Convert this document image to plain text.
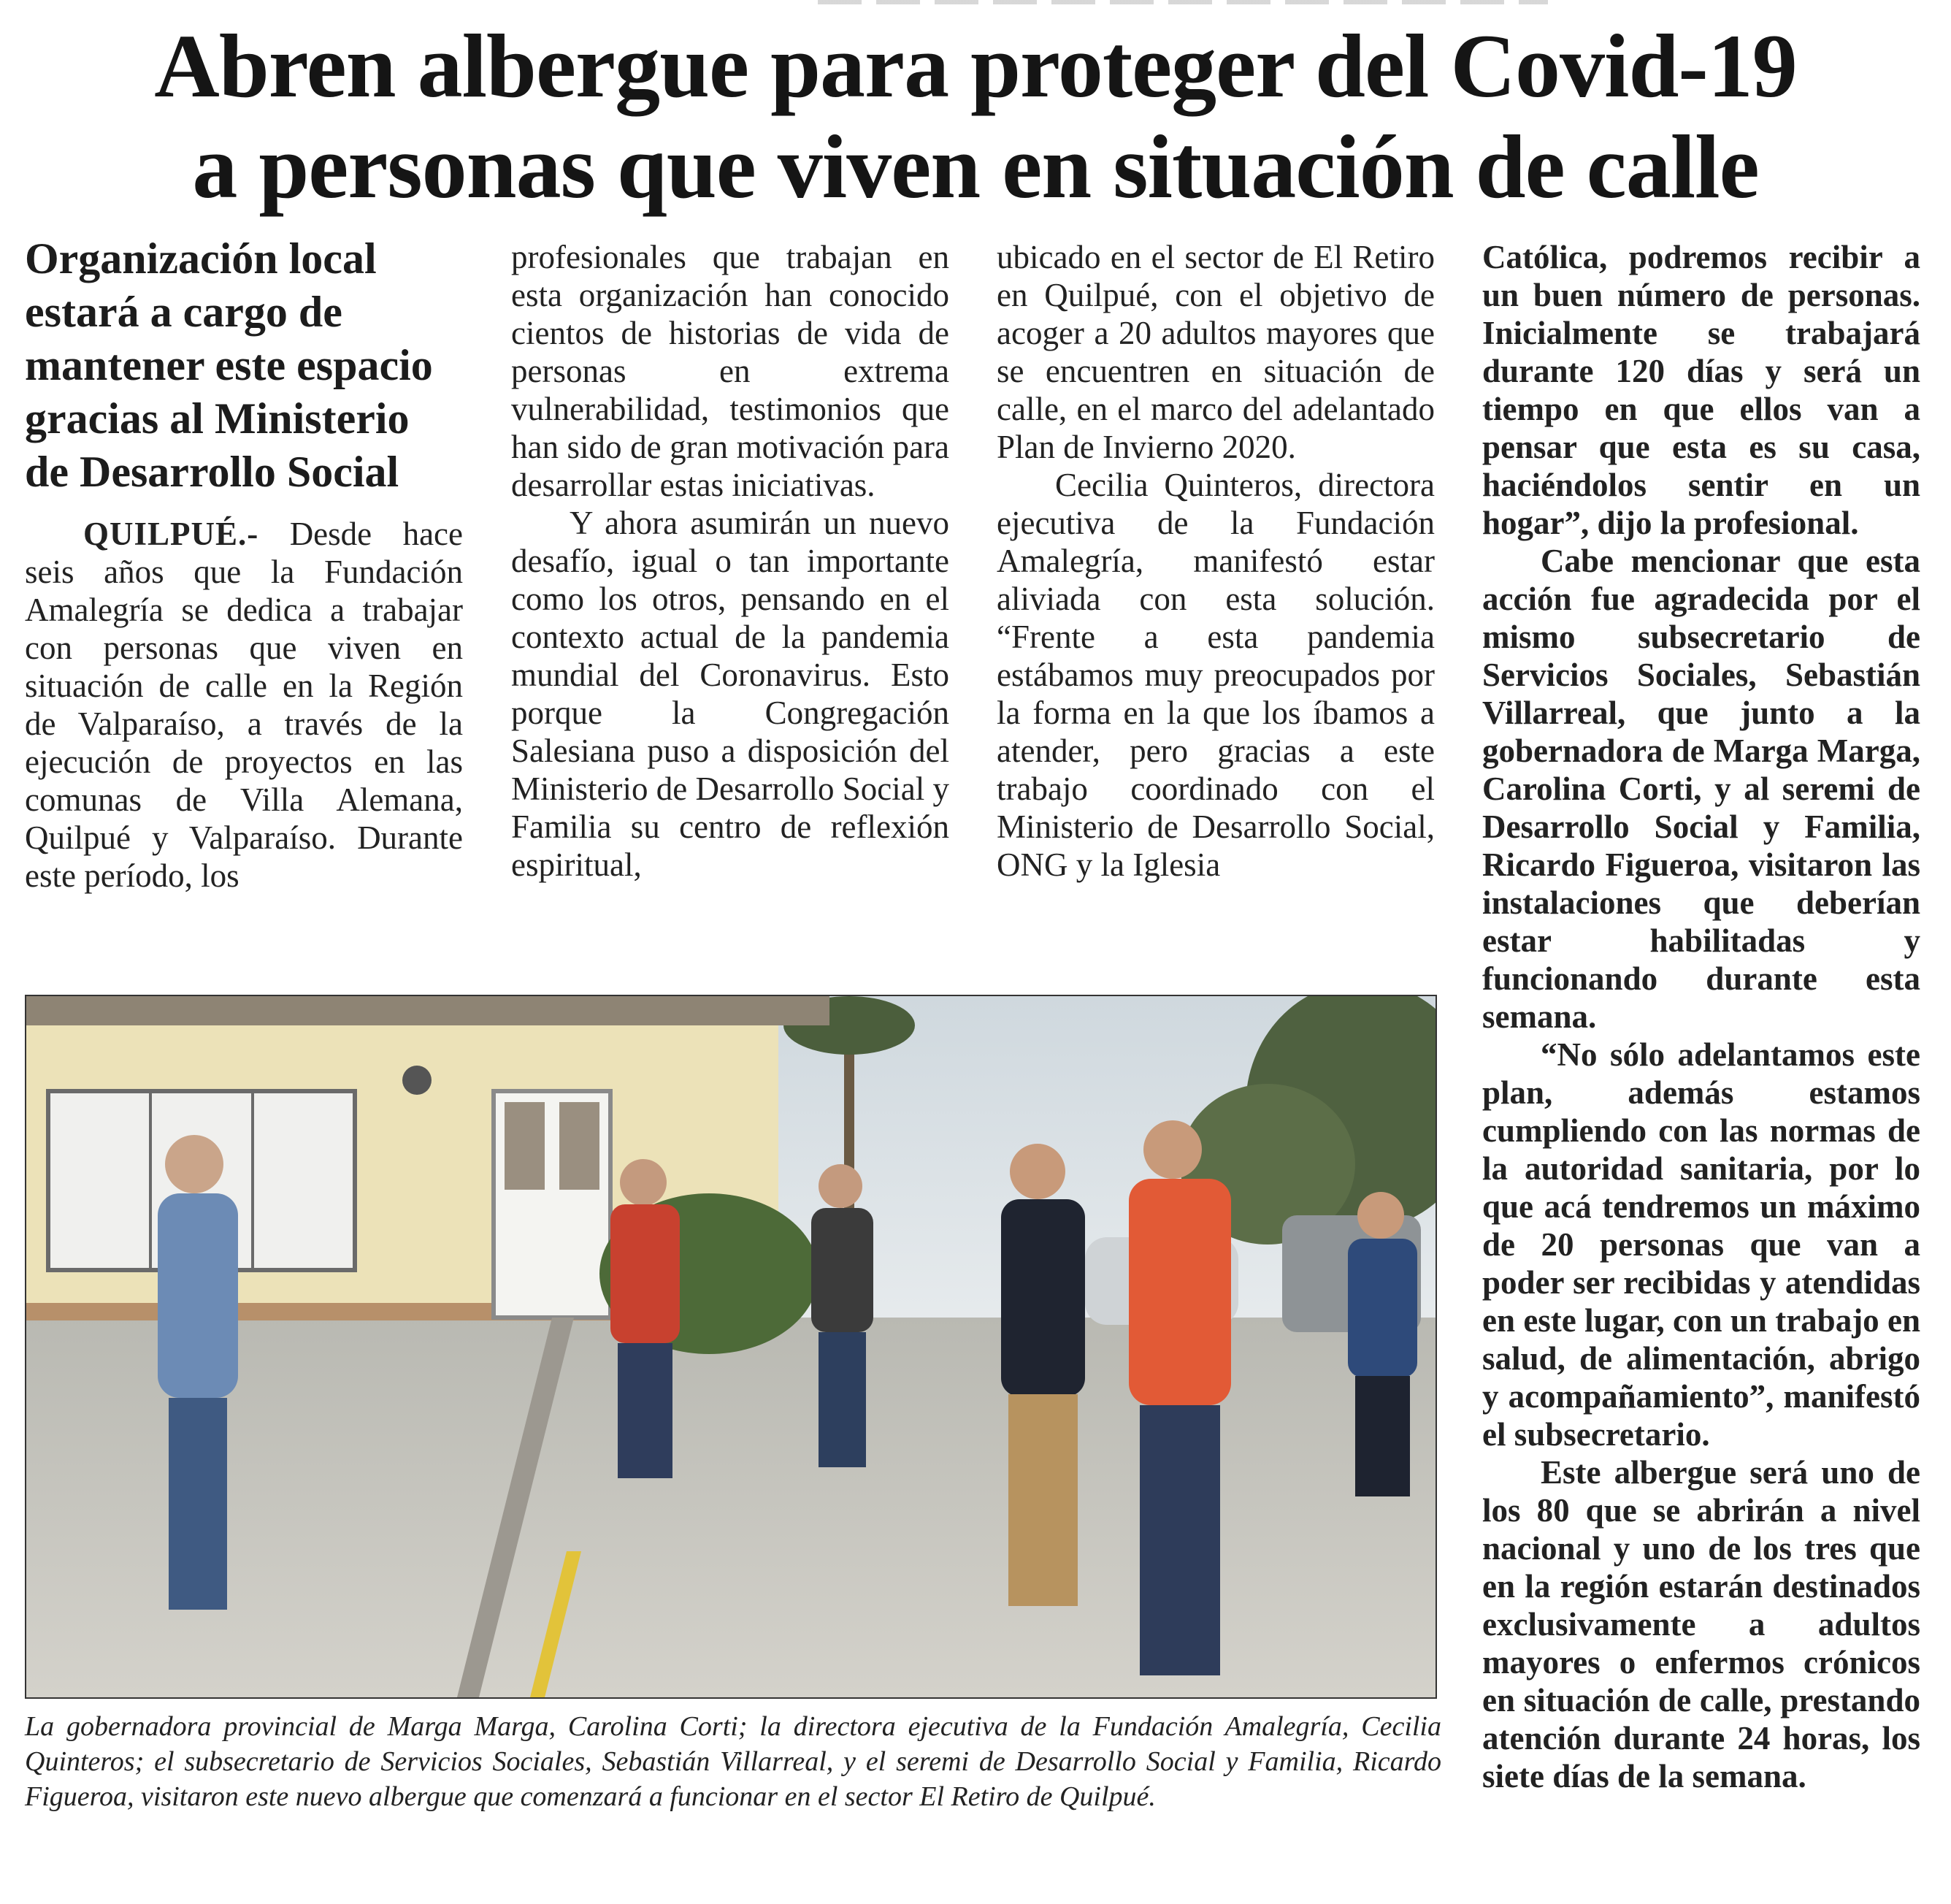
Abren albergue para proteger del Covid-19
a personas que viven en situación de calle
Organización local estará a cargo de mantener este espacio gracias al Ministerio de Desarrollo Social

QUILPUÉ.- Desde hace seis años que la Fundación Amalegría se dedica a trabajar con personas que viven en situación de calle en la Región de Valparaíso, a través de la ejecución de proyectos en las comunas de Villa Alemana, Quilpué y Valparaíso. Durante este período, los

profesionales que trabajan en esta organización han conocido cientos de historias de vida de personas en extrema vulnerabilidad, testimonios que han sido de gran motivación para desarrollar estas iniciativas.

Y ahora asumirán un nuevo desafío, igual o tan importante como los otros, pensando en el contexto actual de la pandemia mundial del Coronavirus. Esto porque la Congregación Salesiana puso a disposición del Ministerio de Desarrollo Social y Familia su centro de reflexión espiritual,

ubicado en el sector de El Retiro en Quilpué, con el objetivo de acoger a 20 adultos mayores que se encuentren en situación de calle, en el marco del adelantado Plan de Invierno 2020.

Cecilia Quinteros, directora ejecutiva de la Fundación Amalegría, manifestó estar aliviada con esta solución. “Frente a esta pandemia estábamos muy preocupados por la forma en la que los íbamos a atender, pero gracias a este trabajo coordinado con el Ministerio de Desarrollo Social, ONG y la Iglesia

Católica, podremos recibir a un buen número de personas. Inicialmente se trabajará durante 120 días y será un tiempo en que ellos van a pensar que esta es su casa, haciéndolos sentir en un hogar”, dijo la profesional.

Cabe mencionar que esta acción fue agradecida por el mismo subsecretario de Servicios Sociales, Sebastián Villarreal, que junto a la gobernadora de Marga Marga, Carolina Corti, y al seremi de Desarrollo Social y Familia, Ricardo Figueroa, visitaron las instalaciones que deberían estar habilitadas y funcionando durante esta semana.

“No sólo adelantamos este plan, además estamos cumpliendo con las normas de la autoridad sanitaria, por lo que acá tendremos un máximo de 20 personas que van a poder ser recibidas y atendidas en este lugar, con un trabajo en salud, de alimentación, abrigo y acompañamiento”, manifestó el subsecretario.

Este albergue será uno de los 80 que se abrirán a nivel nacional y uno de los tres que en la región estarán destinados exclusivamente a adultos mayores o enfermos crónicos en situación de calle, prestando atención durante 24 horas, los siete días de la semana.

La gobernadora provincial de Marga Marga, Carolina Corti; la directora ejecutiva de la Fundación Amalegría, Cecilia Quinteros; el subsecretario de Servicios Sociales, Sebastián Villarreal, y el seremi de Desarrollo Social y Familia, Ricardo Figueroa, visitaron este nuevo albergue que comenzará a funcionar en el sector El Retiro de Quilpué.
